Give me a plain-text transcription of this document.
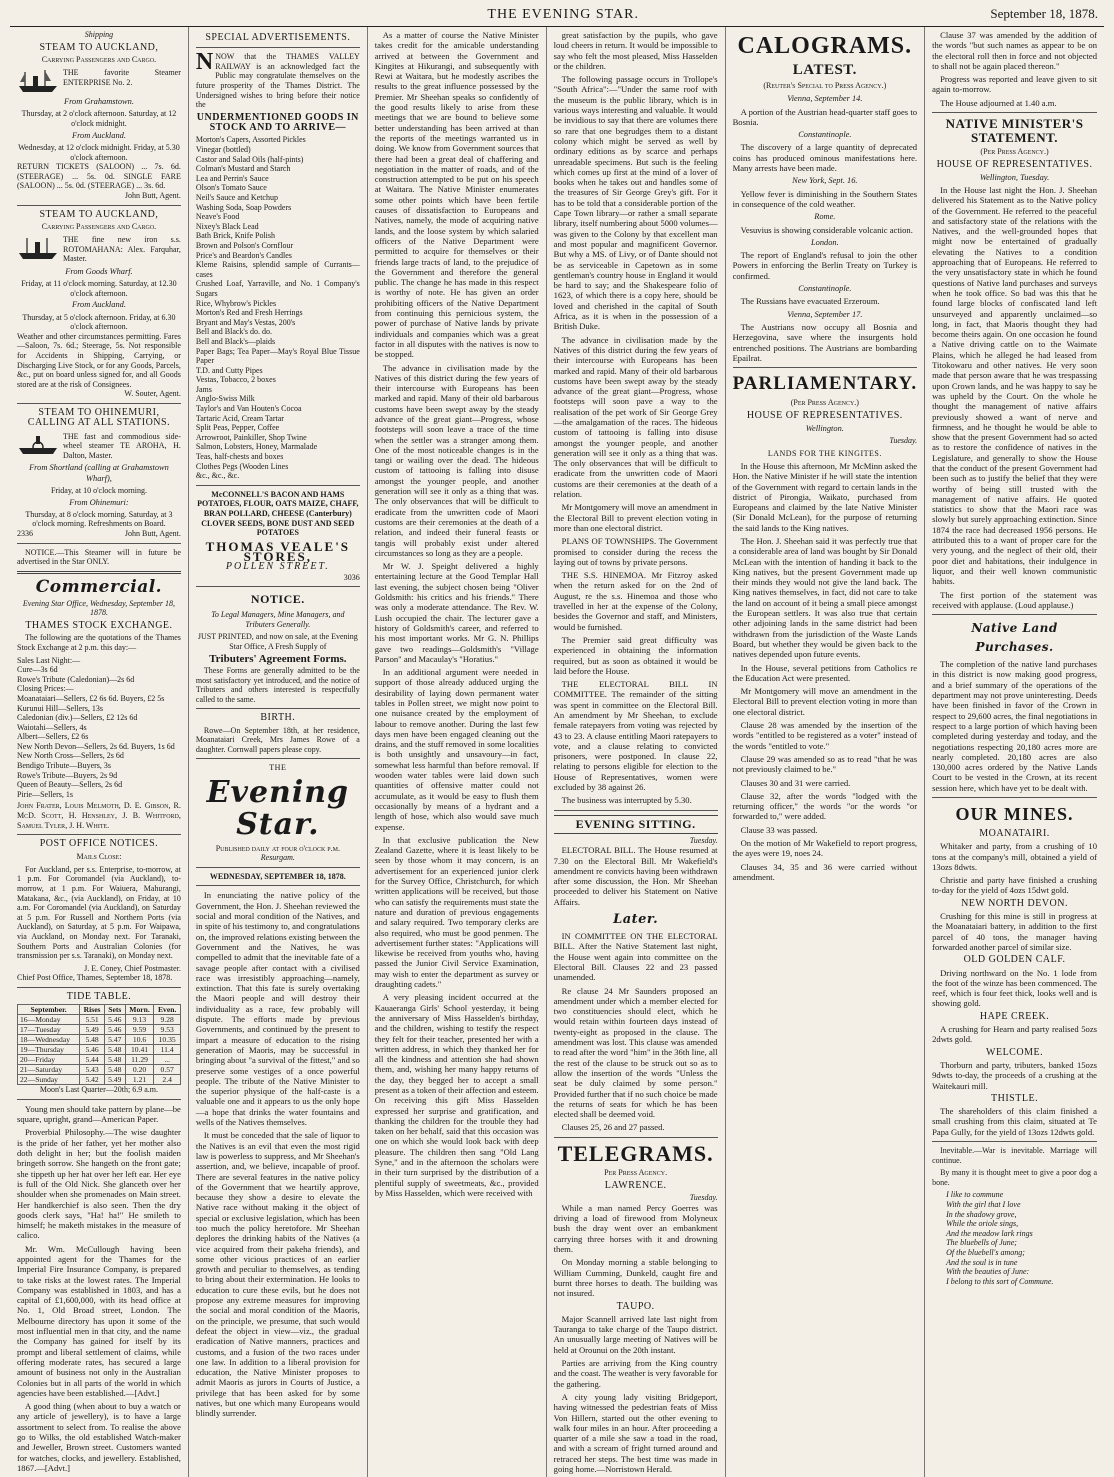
THE EVENING STAR.	September 18, 1878.
Shipping
STEAM TO AUCKLAND,
Carrying Passengers and Cargo.
THE favorite Steamer ENTERPRISE No. 2.
From Grahamstown.
Thursday, at 2 o'clock afternoon. Saturday, at 12 o'clock midnight.
From Auckland.
Wednesday, at 12 o'clock midnight. Friday, at 5.30 o'clock afternoon.
RETURN TICKETS (SALOON) ... 7s. 6d. (STEERAGE) ... 5s. 0d. SINGLE FARE (SALOON) ... 5s. 0d. (STEERAGE) ... 3s. 6d.
John Butt, Agent.
STEAM TO AUCKLAND,
Carrying Passengers and Cargo.
THE fine new iron s.s. ROTOMAHANA: Alex. Farquhar, Master.
From Goods Wharf.
Friday, at 11 o'clock morning. Saturday, at 12.30 o'clock afternoon.
From Auckland.
Thursday, at 5 o'clock afternoon. Friday, at 6.30 o'clock afternoon.
Weather and other circumstances permitting. Fares—Saloon, 7s. 6d.; Steerage, 5s. Not responsible for Accidents in Shipping, Carrying, or Discharging Live Stock, or for any Goods, Parcels, &c., put on board unless signed for, and all Goods stored are at the risk of Consignees.
W. Souter, Agent.
STEAM TO OHINEMURI, CALLING AT ALL STATIONS.
THE fast and commodious side-wheel steamer TE AROHA, H. Dalton, Master.
From Shortland (calling at Grahamstown Wharf),
Friday, at 10 o'clock morning.
From Ohinemuri:
Thursday, at 8 o'clock morning. Saturday, at 3 o'clock morning. Refreshments on Board.
2336	John Butt, Agent.

NOTICE.—This Steamer will in future be advertised in the Star ONLY.

Commercial.
Evening Star Office, Wednesday, September 18, 1878.
THAMES STOCK EXCHANGE.

The following are the quotations of the Thames Stock Exchange at 2 p.m. this day:—

Sales Last Night:—
Cure—3s 6d
Rowe's Tribute (Caledonian)—2s 6d
Closing Prices:—
Moanataiari—Sellers, £2 6s 6d. Buyers, £2 5s
Kurunui Hill—Sellers, 13s
Caledonian (div.)—Sellers, £2 12s 6d
Waiotahi—Sellers, 4s
Albert—Sellers, £2 6s
New North Devon—Sellers, 2s 6d. Buyers, 1s 6d
New North Cross—Sellers, 2s 6d
Bendigo Tribute—Buyers, 3s
Rowe's Tribute—Buyers, 2s 9d
Queen of Beauty—Sellers, 2s 6d
Pirie—Sellers, 1s
John Frater, Louis Melmoth, D. E. Gibson, R. McD. Scott, H. Henshley, J. B. Whitford, Samuel Tyler, J. H. White.
POST OFFICE NOTICES.
Mails Close:

For Auckland, per s.s. Enterprise, to-morrow, at 1 p.m. For Coromandel (via Auckland), to-morrow, at 1 p.m. For Waiuera, Mahurangi, Matakana, &c., (via Auckland), on Friday, at 10 a.m. For Coromandel (via Auckland), on Saturday at 5 p.m. For Russell and Northern Ports (via Auckland), on Saturday, at 5 p.m. For Waipawa, via Auckland, on Monday next. For Taranaki, Southern Ports and Australian Colonies (for transmission per s.s. Taranaki), on Monday next.

J. E. Coney, Chief Postmaster.
Chief Post Office, Thames, September 18, 1878.
TIDE TABLE.
September.	Rises	Sets	Morn.	Even.
16—Monday	5.51	5.46	9.13	9.28
17—Tuesday	5.49	5.46	9.59	9.53
18—Wednesday	5.48	5.47	10.6	10.35
19—Thursday	5.46	5.48	10.41	11.4
20—Friday	5.44	5.48	11.29	...
21—Saturday	5.43	5.48	0.20	0.57
22—Sunday	5.42	5.49	1.21	2.4
Moon's Last Quarter—20th; 6.9 a.m.

Young men should take pattern by plane—be square, upright, grand—American Paper.

Proverbial Philosophy.—The wise daughter is the pride of her father, yet her mother also doth delight in her; but the foolish maiden bringeth sorrow. She hangeth on the front gate; she tippeth up her hat over her left ear. Her eye is full of the Old Nick. She glanceth over her shoulder when she promenades on Main street. Her handkerchief is also seen. Then the dry goods clerk says, "Ha! ha!" He smileth to himself; he maketh mistakes in the measure of calico.

Mr. Wm. McCullough having been appointed agent for the Thames for the Imperial Fire Insurance Company, is prepared to take risks at the lowest rates. The Imperial Company was established in 1803, and has a capital of £1,600,000, with its head office at No. 1, Old Broad street, London. The Melbourne directory has upon it some of the most influential men in that city, and the name the Company has gained for itself by its prompt and liberal settlement of claims, while offering moderate rates, has secured a large amount of business not only in the Australian Colonies but in all parts of the world in which agencies have been established.—[Advt.]

A good thing (when about to buy a watch or any article of jewellery), is to have a large assortment to select from. To realise the above go to Wilks, the old established Watch-maker and Jeweller, Brown street. Customers wanted for watches, clocks, and jewellery. Established, 1867.—[Advt.]

SPECIAL ADVERTISEMENTS.

NNOW that the THAMES VALLEY RAILWAY is an acknowledged fact the Public may congratulate themselves on the future prosperity of the Thames District. The Undersigned wishes to bring before their notice the

UNDERMENTIONED GOODS IN STOCK AND TO ARRIVE—
Morton's Capers, Assorted Pickles
Vinegar (bottled)
Castor and Salad Oils (half-pints)
Colman's Mustard and Starch
Lea and Perrin's Sauce
Olson's Tomato Sauce
Neil's Sauce and Ketchup
Washing Soda, Soap Powders
Neave's Food
Nixey's Black Lead
Bath Brick, Knife Polish
Brown and Polson's Cornflour
Price's and Beardon's Candles
Kleme Raisins, splendid sample of Currants—cases
Crushed Loaf, Yarraville, and No. 1 Company's Sugars
Rice, Whybrow's Pickles
Morton's Red and Fresh Herrings
Bryant and May's Vestas, 200's
Bell and Black's do. do.
Bell and Black's—plaids
Paper Bags; Tea Paper—May's Royal Blue Tissue Paper
T.D. and Cutty Pipes
Vestas, Tobacco, 2 boxes
Jams
Anglo-Swiss Milk
Taylor's and Van Houten's Cocoa
Tartaric Acid, Cream Tartar
Split Peas, Pepper, Coffee
Arrowroot, Painkiller, Shop Twine
Salmon, Lobsters, Honey, Marmalade
Teas, half-chests and boxes
Clothes Pegs (Wooden Lines
&c., &c., &c.
McCONNELL'S BACON AND HAMS POTATOES, FLOUR, OATS MAIZE, CHAFF, BRAN POLLARD, CHEESE (Canterbury) CLOVER SEEDS, BONE DUST AND SEED POTATOES
THOMAS VEALE'S STORES,
POLLEN STREET.
3036
NOTICE.
To Legal Managers, Mine Managers, and Tributers Generally.
JUST PRINTED, and now on sale, at the Evening Star Office, A Fresh Supply of
Tributers' Agreement Forms.

These Forms are generally admitted to be the most satisfactory yet introduced, and the notice of Tributers and others interested is respectfully called to the same.

BIRTH.

Rowe—On September 18th, at her residence, Moanataiari Creek, Mrs James Rowe of a daughter. Cornwall papers please copy.

THE
Evening Star.
Published daily at four o'clock p.m.
Resurgam.
WEDNESDAY, SEPTEMBER 18, 1878.

In enunciating the native policy of the Government, the Hon. J. Sheehan reviewed the social and moral condition of the Natives, and in spite of his testimony to, and congratulations on, the improved relations existing between the Government and the Natives, he was compelled to admit that the inevitable fate of a savage people after contact with a civilised race was irresistibly approaching—namely, extinction. That this fate is surely overtaking the Maori people and will destroy their individuality as a race, few probably will dispute. The efforts made by previous Governments, and continued by the present to impart a measure of education to the rising generation of Maoris, may be successful in bringing about "a survival of the fittest," and so preserve some vestiges of a once powerful people. The tribute of the Native Minister to the superior physique of the half-caste is a valuable one and it appears to us the only hope—a hope that drinks the water fountains and wells of the Natives themselves.

It must be conceded that the sale of liquor to the Natives is an evil that even the most rigid law is powerless to suppress, and Mr Sheehan's assertion, and, we believe, incapable of proof. There are several features in the native policy of the Government that we heartily approve, because they show a desire to elevate the Native race without making it the object of special or exclusive legislation, which has been too much the policy heretofore. Mr Sheehan deplores the drinking habits of the Natives (a vice acquired from their pakeha friends), and some other vicious practices of an earlier growth and peculiar to themselves, as tending to bring about their extermination. He looks to education to cure these evils, but he does not propose any extreme measures for improving the social and moral condition of the Maoris, on the principle, we presume, that such would defeat the object in view—viz., the gradual eradication of Native manners, practices and customs, and a fusion of the two races under one law. In addition to a liberal provision for education, the Native Minister proposes to admit Maoris as jurors in Courts of Justice, a privilege that has been asked for by some natives, but one which many Europeans would blindly surrender.

As a matter of course the Native Minister takes credit for the amicable understanding arrived at between the Government and Kingites at Hikurangi, and subsequently with Rewi at Waitara, but he modestly ascribes the results to the great influence possessed by the Premier. Mr Sheehan speaks so confidently of the good results likely to arise from these meetings that we are bound to believe some better understanding has been arrived at than the reports of the meetings warranted us in doing. We know from Government sources that there had been a great deal of chaffering and negotiation in the matter of roads, and of the construction attempted to be put on his speech at Waitara. The Native Minister enumerates some other points which have been fertile causes of dissatisfaction to Europeans and Natives, namely, the mode of acquiring native lands, and the loose system by which salaried officers of the Native Department were permitted to acquire for themselves or their friends large tracts of land, to the prejudice of the Government and therefore the general public. The change he has made in this respect is worthy of note. He has given an order prohibiting officers of the Native Department from continuing this pernicious system, the power of purchase of Native lands by private individuals and companies which was a great factor in all disputes with the natives is now to be stopped.

The advance in civilisation made by the Natives of this district during the few years of their intercourse with Europeans has been marked and rapid. Many of their old barbarous customs have been swept away by the steady advance of the great giant—Progress, whose footsteps will soon leave a trace of the time when the settler was a stranger among them. One of the most noticeable changes is in the tangi or wailing over the dead. The hideous custom of tattooing is falling into disuse amongst the younger people, and another generation will see it only as a thing that was. The only observances that will be difficult to eradicate from the unwritten code of Maori customs are their ceremonies at the death of a relation, and indeed their funeral feasts or tangis will probably exist under altered circumstances so long as they are a people.

Mr W. J. Speight delivered a highly entertaining lecture at the Good Templar Hall last evening, the subject chosen being "Oliver Goldsmith: his critics and his friends." There was only a moderate attendance. The Rev. W. Lush occupied the chair. The lecturer gave a history of Goldsmith's career, and referred to his most important works. Mr G. N. Phillips gave two readings—Goldsmith's "Village Parson" and Macaulay's "Horatius."

In an additional argument were needed in support of those already adduced urging the desirability of laying down permanent water tables in Pollen street, we might now point to one nuisance created by the employment of labour to remove another. During the last few days men have been engaged cleaning out the drains, and the stuff removed in some localities is both unsightly and unsavoury—in fact, somewhat less harmful than before removal. If wooden water tables were laid down such quantities of offensive matter could not accumulate, as it would be easy to flush them occasionally by means of a hydrant and a length of hose, which also would save much expense.

In that exclusive publication the New Zealand Gazette, where it is least likely to be seen by those whom it may concern, is an advertisement for an experienced junior clerk for the Survey Office, Christchurch, for which written applications will be received, but those who can satisfy the requirements must state the nature and duration of previous engagements and salary required. Two temporary clerks are also required, who must be good penmen. The advertisement further states: "Applications will likewise be received from youths who, having passed the Junior Civil Service Examination, may wish to enter the department as survey or draughting cadets."

A very pleasing incident occurred at the Kauaeranga Girls' School yesterday, it being the anniversary of Miss Hasselden's birthday, and the children, wishing to testify the respect they felt for their teacher, presented her with a written address, in which they thanked her for all the kindness and attention she had shown them, and, wishing her many happy returns of the day, they begged her to accept a small present as a token of their affection and esteem. On receiving this gift Miss Hasselden expressed her surprise and gratification, and thanking the children for the trouble they had taken on her behalf, said that this occasion was one on which she would look back with deep pleasure. The children then sang "Old Lang Syne," and in the afternoon the scholars were in their turn surprised by the distribution of a plentiful supply of sweetmeats, &c., provided by Miss Hasselden, which were received with

great satisfaction by the pupils, who gave loud cheers in return. It would be impossible to say who felt the most pleased, Miss Hasselden or the children.

The following passage occurs in Trollope's "South Africa":—"Under the same roof with the museum is the public library, which is in various ways interesting and valuable. It would be invidious to say that there are volumes there so rare that one begrudges them to a distant colony which might be served as well by ordinary editions as by scarce and perhaps unreadable specimens. But such is the feeling which comes up first at the mind of a lover of books when he takes out and handles some of the treasures of Sir George Grey's gift. For it has to be told that a considerable portion of the Cape Town library—or rather a small separate library, itself numbering about 5000 volumes—was given to the Colony by that excellent man and most popular and magnificent Governor. But why a MS. of Livy, or of Dante should not be as serviceable in Capetown as in some gentleman's country house in England it would be hard to say; and the Shakespeare folio of 1623, of which there is a copy here, should be loved and cherished in the capital of South Africa, as it is when in the possession of a British Duke.

The advance in civilisation made by the Natives of this district during the few years of their intercourse with Europeans has been marked and rapid. Many of their old barbarous customs have been swept away by the steady advance of the great giant—Progress, whose footsteps will soon pave a way to the realisation of the pet work of Sir George Grey—the amalgamation of the races. The hideous custom of tattooing is falling into disuse amongst the younger people, and another generation will see it only as a thing that was. The only observances that will be difficult to eradicate from the unwritten code of Maori customs are their ceremonies at the death of a relation.

Mr Montgomery will move an amendment in the Electoral Bill to prevent election voting in more than one electoral district.

PLANS OF TOWNSHIPS. The Government promised to consider during the recess the laying out of towns by private persons.

THE S.S. HINEMOA. Mr Fitzroy asked when the return asked for on the 2nd of August, re the s.s. Hinemoa and those who travelled in her at the expense of the Colony, besides the Governor and staff, and Ministers, would be furnished.

The Premier said great difficulty was experienced in obtaining the information required, but as soon as obtained it would be laid before the House.

THE ELECTORAL BILL IN COMMITTEE. The remainder of the sitting was spent in committee on the Electoral Bill. An amendment by Mr Sheehan, to exclude female ratepayers from voting was rejected by 43 to 23. A clause entitling Maori ratepayers to vote, and a clause relating to convicted prisoners, were postponed. In clause 22, relating to persons eligible for election to the House of Representatives, women were excluded by 38 against 26.

The business was interrupted by 5.30.

EVENING SITTING.
Tuesday.

ELECTORAL BILL. The House resumed at 7.30 on the Electoral Bill. Mr Wakefield's amendment re convicts having been withdrawn after some discussion, the Hon. Mr Sheehan proceeded to deliver his Statement on Native Affairs.

Later.

IN COMMITTEE ON THE ELECTORAL BILL. After the Native Statement last night, the House went again into committee on the Electoral Bill. Clauses 22 and 23 passed unamended.

Re clause 24 Mr Saunders proposed an amendment under which a member elected for two constituencies should elect, which he would retain within fourteen days instead of twenty-eight as proposed in the clause. The amendment was lost. This clause was amended to read after the word "him" in the 36th line, all the rest of the clause to be struck out so as to allow the insertion of the words "Unless the seat be duly claimed by some person." Provided further that if no such choice be made the returns of seats for which he has been elected shall be deemed void.

Clauses 25, 26 and 27 passed.

TELEGRAMS.
Per Press Agency.
LAWRENCE.
Tuesday.

While a man named Percy Goerres was driving a load of firewood from Molyneux bush the dray went over an embankment carrying three horses with it and drowning them.

On Monday morning a stable belonging to William Cumming, Dunkeld, caught fire and burnt three horses to death. The building was not insured.

TAUPO.

Major Scannell arrived late last night from Tauranga to take charge of the Taupo district. An unusually large meeting of Natives will be held at Orounui on the 20th instant.

Parties are arriving from the King country and the coast. The weather is very favorable for the gathering.

A city young lady visiting Bridgeport, having witnessed the pedestrian feats of Miss Von Hillern, started out the other evening to walk four miles in an hour. After proceeding a quarter of a mile she saw a toad in the road, and with a scream of fright turned around and retraced her steps. The best time was made in going home.—Norristown Herald.

CALOGRAMS.
LATEST.
(Reuter's Special to Press Agency.)
Vienna, September 14.

A portion of the Austrian head-quarter staff goes to Bosnia.

Constantinople.

The discovery of a large quantity of deprecated coins has produced ominous manifestations here. Many arrests have been made.

New York, Sept. 16.

Yellow fever is diminishing in the Southern States in consequence of the cold weather.

Rome.

Vesuvius is showing considerable volcanic action.

London.

The report of England's refusal to join the other Powers in enforcing the Berlin Treaty on Turkey is confirmed.

Constantinople.

The Russians have evacuated Erzeroum.

Vienna, September 17.

The Austrians now occupy all Bosnia and Herzegovina, save where the insurgents hold entrenched positions. The Austrians are bombarding Epailrat.

PARLIAMENTARY.
(Per Press Agency.)
HOUSE OF REPRESENTATIVES.
Wellington.
Tuesday.
LANDS FOR THE KINGITES.

In the House this afternoon, Mr McMinn asked the Hon. the Native Minister if he will state the intention of the Government with regard to certain lands in the district of Pirongia, Waikato, purchased from Europeans and claimed by the late Native Minister (Sir Donald McLean), for the purpose of returning the said lands to the King natives.

The Hon. J. Sheehan said it was perfectly true that a considerable area of land was bought by Sir Donald McLean with the intention of handing it back to the King natives, but the present Government made up their minds they would not give the land back. The King natives themselves, in fact, did not care to take the land on account of it being a small piece amongst the European settlers. It was also true that certain other adjoining lands in the same district had been withdrawn from the jurisdiction of the Waste Lands Board, but whether they would be given back to the natives depended upon future events.

In the House, several petitions from Catholics re the Education Act were presented.

Mr Montgomery will move an amendment in the Electoral Bill to prevent election voting in more than one electoral district.

Clause 28 was amended by the insertion of the words "entitled to be registered as a voter" instead of the words "entitled to vote."

Clause 29 was amended so as to read "that he was not previously claimed to be."

Clauses 30 and 31 were carried.

Clause 32, after the words "lodged with the returning officer," the words "or the words "or forwarded to," were added.

Clause 33 was passed.

On the motion of Mr Wakefield to report progress, the ayes were 19, noes 24.

Clauses 34, 35 and 36 were carried without amendment.

Clause 37 was amended by the addition of the words "but such names as appear to be on the electoral roll then in force and not objected to shall not be again placed thereon."

Progress was reported and leave given to sit again to-morrow.

The House adjourned at 1.40 a.m.

NATIVE MINISTER'S STATEMENT.
(Per Press Agency.)
HOUSE OF REPRESENTATIVES.
Wellington, Tuesday.

In the House last night the Hon. J. Sheehan delivered his Statement as to the Native policy of the Government. He referred to the peaceful and satisfactory state of the relations with the Natives, and the well-grounded hopes that might now be entertained of gradually elevating the Natives to a condition approaching that of Europeans. He referred to the very unsatisfactory state in which he found questions of Native land purchases and surveys when he took office. So bad was this that he found large blocks of confiscated land left unsurveyed and apparently unclaimed—so long, in fact, that Maoris thought they had become theirs again. On one occasion he found a Native driving cattle on to the Waimate Plains, which he alleged he had leased from Titokowaru and other natives. He very soon made that person aware that he was trespassing upon Crown lands, and he was happy to say he was upheld by the Court. On the whole he thought the management of native affairs previously showed a want of nerve and firmness, and he thought he would be able to show that the present Government had so acted as to restore the confidence of natives in the Legislature, and generally to show the House that the conduct of the present Government had been such as to justify the belief that they were worthy of being still trusted with the management of native affairs. He quoted statistics to show that the Maori race was slowly but surely approaching extinction. Since 1874 the race had decreased 1956 persons. He attributed this to a want of proper care for the very young, and the neglect of their old, their poor diet and habitations, their indulgence in liquor, and their well known communistic habits.

The first portion of the statement was received with applause. (Loud applause.)

Native Land Purchases.

The completion of the native land purchases in this district is now making good progress, and a brief summary of the operations of the department may not prove uninteresting. Deeds have been finished in favor of the Crown in respect to 29,600 acres, the final negotiations in respect to a large portion of which having been completed during yesterday and today, and the negotiations respecting 20,180 acres more are nearly completed. 20,180 acres are also 130,000 acres ordered by the Native Lands Court to be vested in the Crown, at its recent session here, which have yet to be dealt with.

OUR MINES.
MOANATAIRI.

Whitaker and party, from a crushing of 10 tons at the company's mill, obtained a yield of 13ozs 8dwts.

Christie and party have finished a crushing to-day for the yield of 4ozs 15dwt gold.

NEW NORTH DEVON.

Crushing for this mine is still in progress at the Moanataiari battery, in addition to the first parcel of 40 tons, the manager having forwarded another parcel of similar size.

OLD GOLDEN CALF.

Driving northward on the No. 1 lode from the foot of the winze has been commenced. The reef, which is four feet thick, looks well and is showing gold.

HAPE CREEK.

A crushing for Hearn and party realised 5ozs 2dwts gold.

WELCOME.

Thorburn and party, tributers, banked 15ozs 9dwts to-day, the proceeds of a crushing at the Waitekauri mill.

THISTLE.

The shareholders of this claim finished a small crushing from this claim, situated at Te Papa Gully, for the yield of 13ozs 12dwts gold.

Inevitable.—War is inevitable. Marriage will continue.

By many it is thought meet to give a poor dog a bone.

I like to commune
With the girl that I love
In the shadowy grove,
While the oriole sings,
And the meadow lark rings
The bluebells of June;
Of the bluebell's among;
And the soul is in tune
With the beauties of June:
I belong to this sort of Commune.
